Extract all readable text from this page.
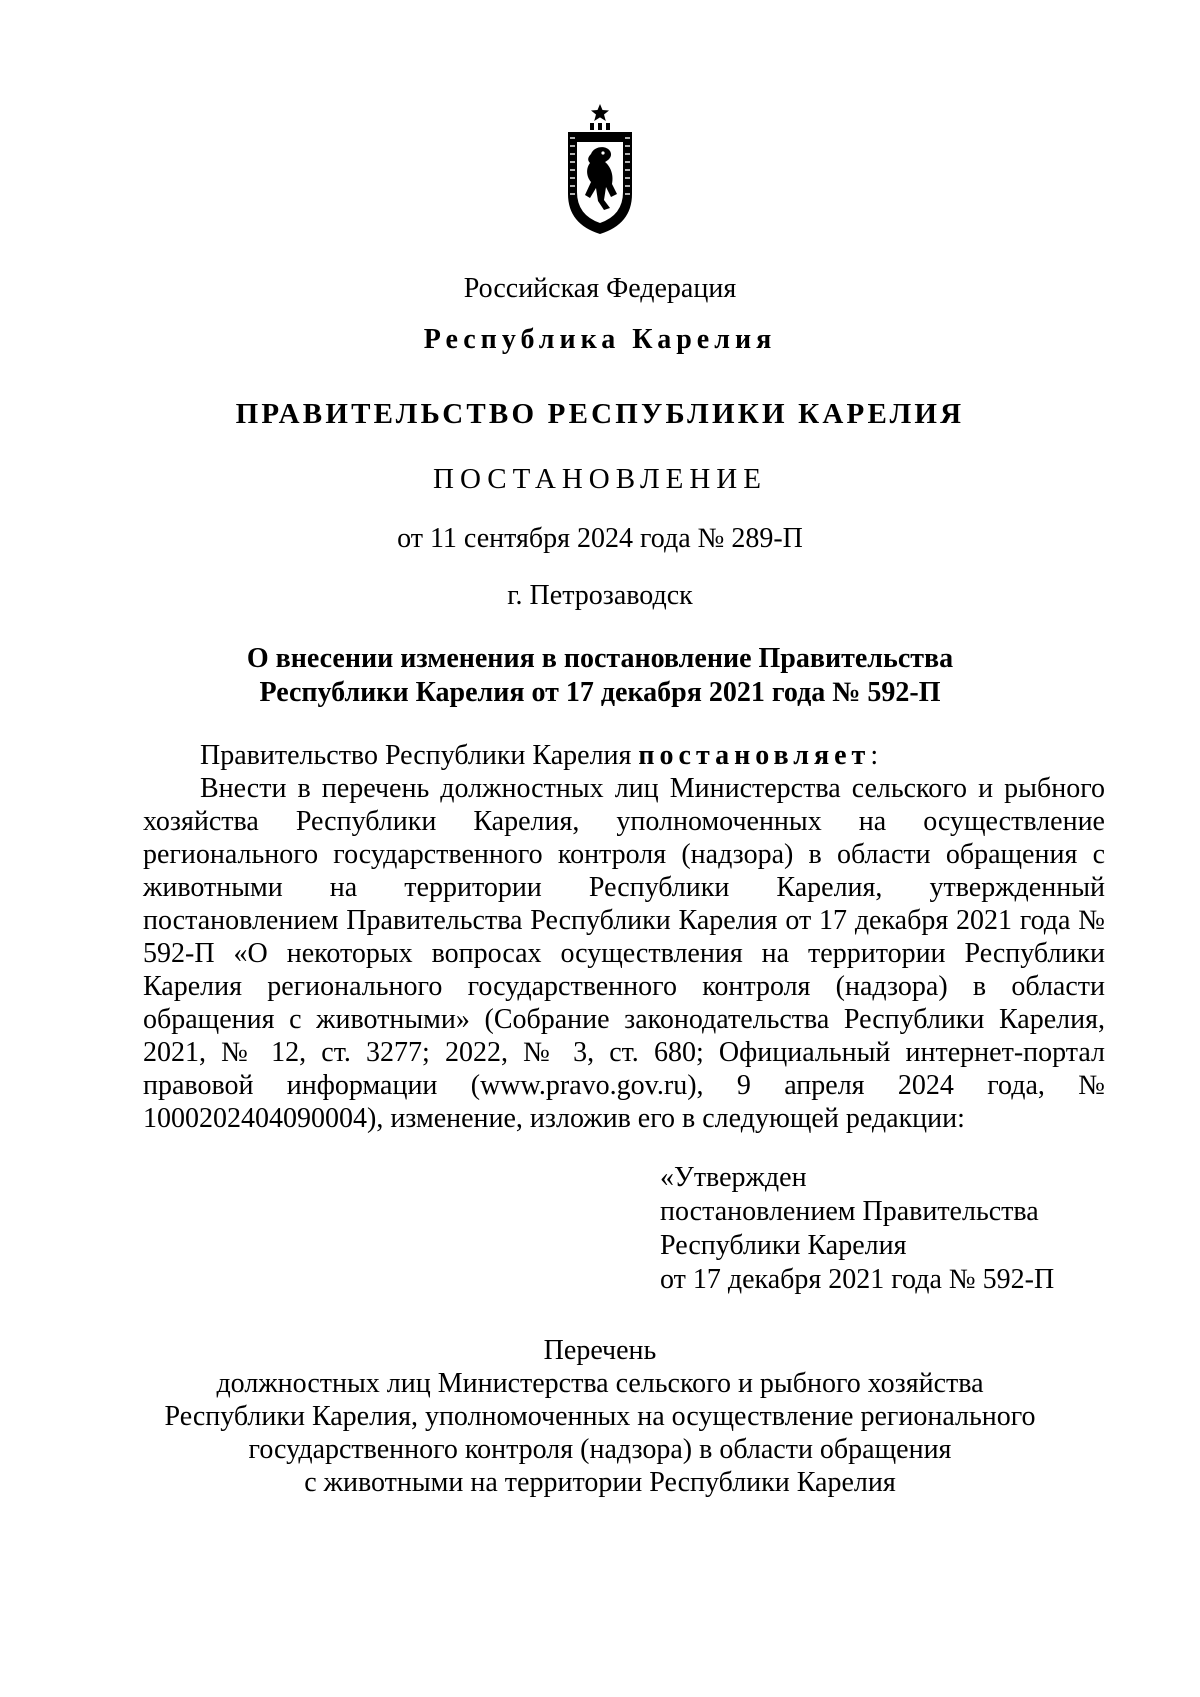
Российская Федерация
Республика Карелия
ПРАВИТЕЛЬСТВО РЕСПУБЛИКИ КАРЕЛИЯ
ПОСТАНОВЛЕНИЕ
от 11 сентября 2024 года № 289-П
г. Петрозаводск
О внесении изменения в постановление Правительства
Республики Карелия от 17 декабря 2021 года № 592-П
Правительство Республики Карелия постановляет:
Внести в перечень должностных лиц Министерства сельского и рыбного хозяйства Республики Карелия, уполномоченных на осуществление регионального государственного контроля (надзора) в области обращения с животными на территории Республики Карелия, утвержденный постановлением Правительства Республики Карелия от 17 декабря 2021 года № 592-П «О некоторых вопросах осуществления на территории Республики Карелия регионального государственного контроля (надзора) в области обращения с животными» (Собрание законодательства Республики Карелия, 2021, № 12, ст. 3277; 2022, № 3, ст. 680; Официальный интернет-портал правовой информации (www.pravo.gov.ru), 9 апреля 2024 года, № 1000202404090004), изменение, изложив его в следующей редакции:
«Утвержден
постановлением Правительства
Республики Карелия
от 17 декабря 2021 года № 592-П
Перечень
должностных лиц Министерства сельского и рыбного хозяйства
Республики Карелия, уполномоченных на осуществление регионального
государственного контроля (надзора) в области обращения
с животными на территории Республики Карелия
